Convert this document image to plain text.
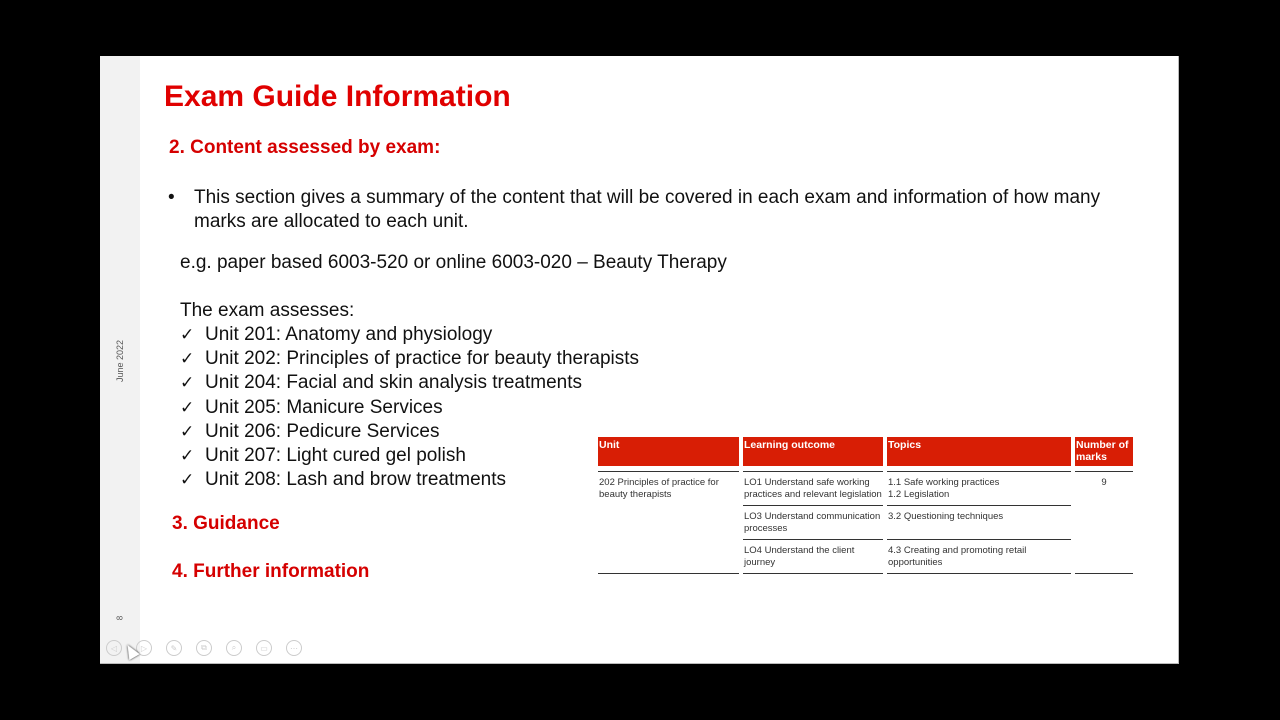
June 2022
8
Exam Guide Information
2. Content assessed by exam:
• This section gives a summary of the content that will be covered in each exam and information of how many marks are allocated to each unit.
e.g. paper based 6003-520 or online 6003-020 – Beauty Therapy
The exam assesses:
✓ Unit 201: Anatomy and physiology
✓ Unit 202: Principles of practice for beauty therapists
✓ Unit 204: Facial and skin analysis treatments
✓ Unit 205: Manicure Services
✓ Unit 206: Pedicure Services
✓ Unit 207: Light cured gel polish
✓ Unit 208: Lash and brow treatments
3. Guidance
4. Further information
Unit	Learning outcome	Topics	Number of marks

202 Principles of practice for beauty therapists	LO1 Understand safe working practices and relevant legislation	1.1 Safe working practices
1.2 Legislation	9
	LO3 Understand communication processes	3.2 Questioning techniques	
	LO4 Understand the client journey	4.3 Creating and promoting retail opportunities	
◁	▷	✎	⧉	⌕	▭	⋯
